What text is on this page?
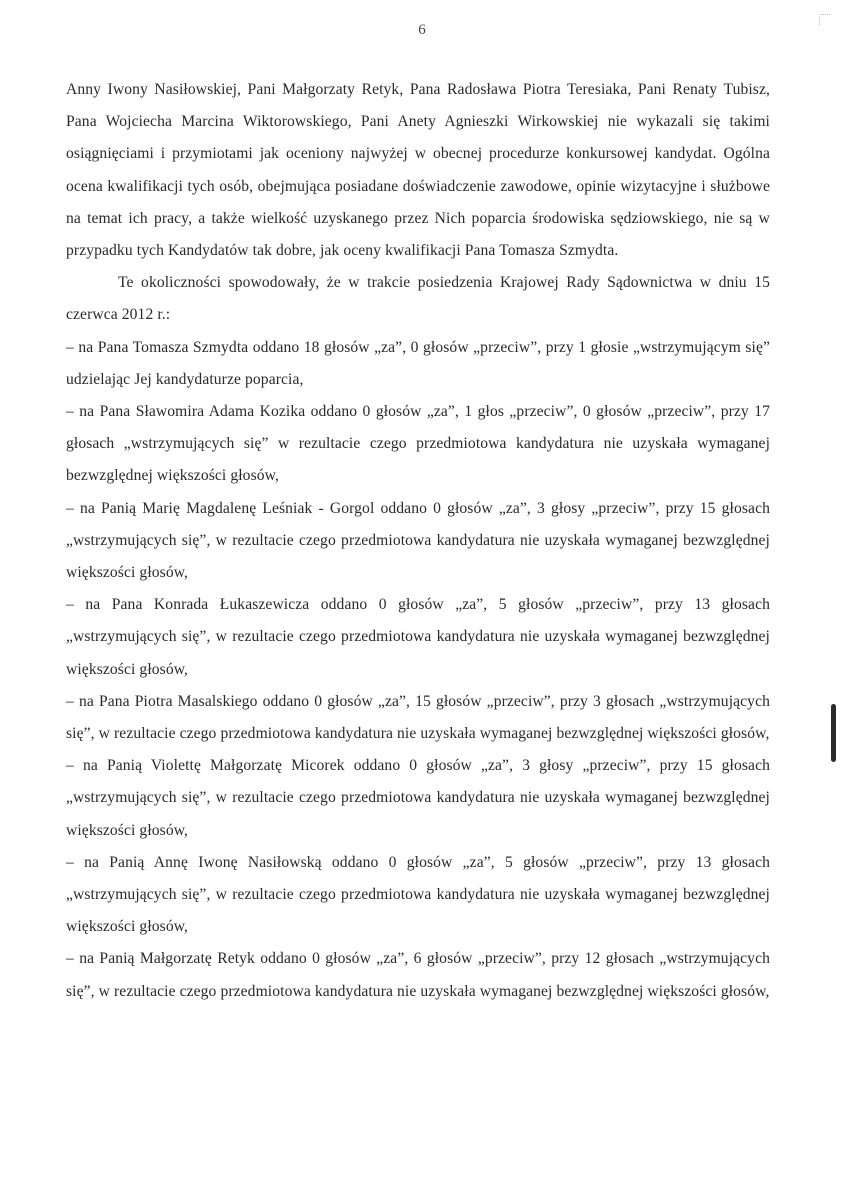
6

Anny Iwony Nasiłowskiej, Pani Małgorzaty Retyk, Pana Radosława Piotra Teresiaka, Pani Renaty Tubisz, Pana Wojciecha Marcina Wiktorowskiego, Pani Anety Agnieszki Wirkowskiej nie wykazali się takimi osiągnięciami i przymiotami jak oceniony najwyżej w obecnej procedurze konkursowej kandydat. Ogólna ocena kwalifikacji tych osób, obejmująca posiadane doświadczenie zawodowe, opinie wizytacyjne i służbowe na temat ich pracy, a także wielkość uzyskanego przez Nich poparcia środowiska sędziowskiego, nie są w przypadku tych Kandydatów tak dobre, jak oceny kwalifikacji Pana Tomasza Szmydta.

Te okoliczności spowodowały, że w trakcie posiedzenia Krajowej Rady Sądownictwa w dniu 15 czerwca 2012 r.:

– na Pana Tomasza Szmydta oddano 18 głosów „za”, 0 głosów „przeciw”, przy 1 głosie „wstrzymującym się” udzielając Jej kandydaturze poparcia,

– na Pana Sławomira Adama Kozika oddano 0 głosów „za”, 1 głos „przeciw”, 0 głosów „przeciw”, przy 17 głosach „wstrzymujących się” w rezultacie czego przedmiotowa kandydatura nie uzyskała wymaganej bezwzględnej większości głosów,

– na Panią Marię Magdalenę Leśniak - Gorgol oddano 0 głosów „za”, 3 głosy „przeciw”, przy 15 głosach „wstrzymujących się”, w rezultacie czego przedmiotowa kandydatura nie uzyskała wymaganej bezwzględnej większości głosów,

– na Pana Konrada Łukaszewicza oddano 0 głosów „za”, 5 głosów „przeciw”, przy 13 głosach „wstrzymujących się”, w rezultacie czego przedmiotowa kandydatura nie uzyskała wymaganej bezwzględnej większości głosów,

– na Pana Piotra Masalskiego oddano 0 głosów „za”, 15 głosów „przeciw”, przy 3 głosach „wstrzymujących się”, w rezultacie czego przedmiotowa kandydatura nie uzyskała wymaganej bezwzględnej większości głosów,

– na Panią Violettę Małgorzatę Micorek oddano 0 głosów „za”, 3 głosy „przeciw”, przy 15 głosach „wstrzymujących się”, w rezultacie czego przedmiotowa kandydatura nie uzyskała wymaganej bezwzględnej większości głosów,

– na Panią Annę Iwonę Nasiłowską oddano 0 głosów „za”, 5 głosów „przeciw”, przy 13 głosach „wstrzymujących się”, w rezultacie czego przedmiotowa kandydatura nie uzyskała wymaganej bezwzględnej większości głosów,

– na Panią Małgorzatę Retyk oddano 0 głosów „za”, 6 głosów „przeciw”, przy 12 głosach „wstrzymujących się”, w rezultacie czego przedmiotowa kandydatura nie uzyskała wymaganej bezwzględnej większości głosów,
